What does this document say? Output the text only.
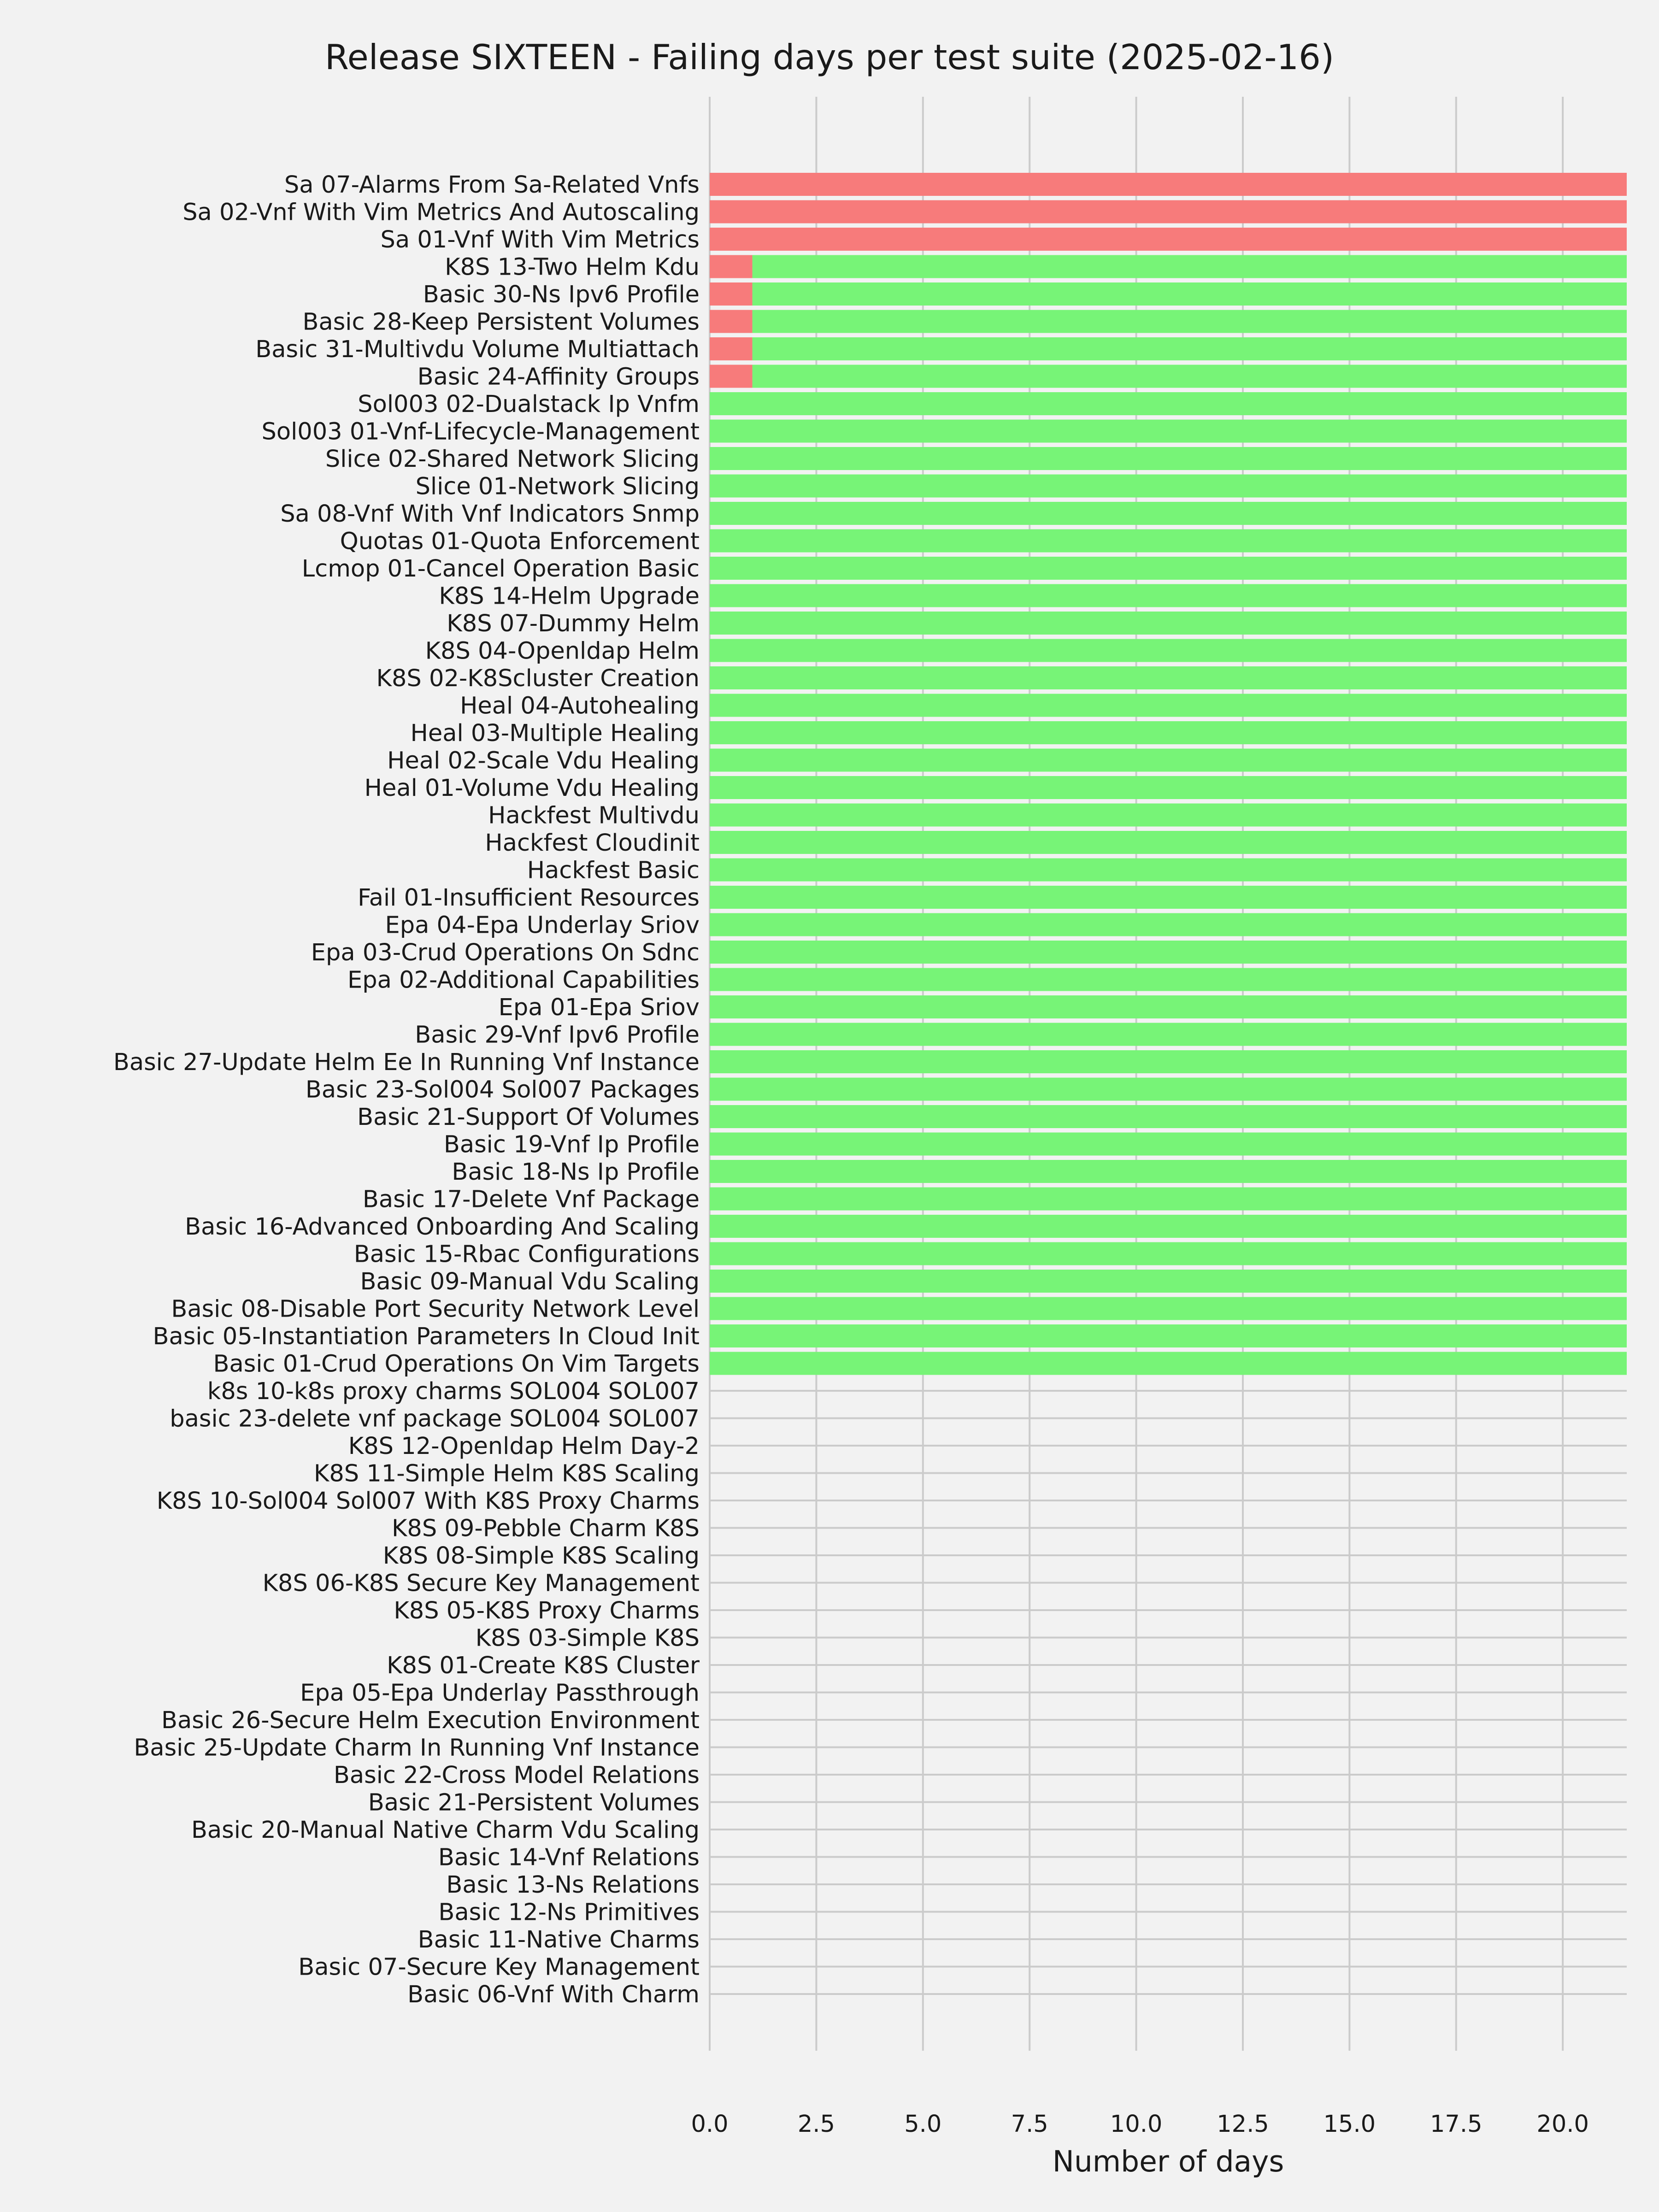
Release SIXTEEN - Failing days per test suite (2025-02-16)
Sa 07-Alarms From Sa-Related Vnfs
Sa 02-Vnf With Vim Metrics And Autoscaling
Sa 01-Vnf With Vim Metrics
K8S 13-Two Helm Kdu
Basic 30-Ns Ipv6 Profile
Basic 28-Keep Persistent Volumes
Basic 31-Multivdu Volume Multiattach
Basic 24-Affinity Groups
Sol003 02-Dualstack Ip Vnfm
Sol003 01-Vnf-Lifecycle-Management
Slice 02-Shared Network Slicing
Slice 01-Network Slicing
Sa 08-Vnf With Vnf Indicators Snmp
Quotas 01-Quota Enforcement
Lcmop 01-Cancel Operation Basic
K8S 14-Helm Upgrade
K8S 07-Dummy Helm
K8S 04-Openldap Helm
K8S 02-K8Scluster Creation
Heal 04-Autohealing
Heal 03-Multiple Healing
Heal 02-Scale Vdu Healing
Heal 01-Volume Vdu Healing
Hackfest Multivdu
Hackfest Cloudinit
Hackfest Basic
Fail 01-Insufficient Resources
Epa 04-Epa Underlay Sriov
Epa 03-Crud Operations On Sdnc
Epa 02-Additional Capabilities
Epa 01-Epa Sriov
Basic 29-Vnf Ipv6 Profile
Basic 27-Update Helm Ee In Running Vnf Instance
Basic 23-Sol004 Sol007 Packages
Basic 21-Support Of Volumes
Basic 19-Vnf Ip Profile
Basic 18-Ns Ip Profile
Basic 17-Delete Vnf Package
Basic 16-Advanced Onboarding And Scaling
Basic 15-Rbac Configurations
Basic 09-Manual Vdu Scaling
Basic 08-Disable Port Security Network Level
Basic 05-Instantiation Parameters In Cloud Init
Basic 01-Crud Operations On Vim Targets
k8s 10-k8s proxy charms SOL004 SOL007
basic 23-delete vnf package SOL004 SOL007
K8S 12-Openldap Helm Day-2
K8S 11-Simple Helm K8S Scaling
K8S 10-Sol004 Sol007 With K8S Proxy Charms
K8S 09-Pebble Charm K8S
K8S 08-Simple K8S Scaling
K8S 06-K8S Secure Key Management
K8S 05-K8S Proxy Charms
K8S 03-Simple K8S
K8S 01-Create K8S Cluster
Epa 05-Epa Underlay Passthrough
Basic 26-Secure Helm Execution Environment
Basic 25-Update Charm In Running Vnf Instance
Basic 22-Cross Model Relations
Basic 21-Persistent Volumes
Basic 20-Manual Native Charm Vdu Scaling
Basic 14-Vnf Relations
Basic 13-Ns Relations
Basic 12-Ns Primitives
Basic 11-Native Charms
Basic 07-Secure Key Management
Basic 06-Vnf With Charm
0.0	2.5	5.0	7.5	10.0 12.5 15.0 17.5 20.0
Number of days
